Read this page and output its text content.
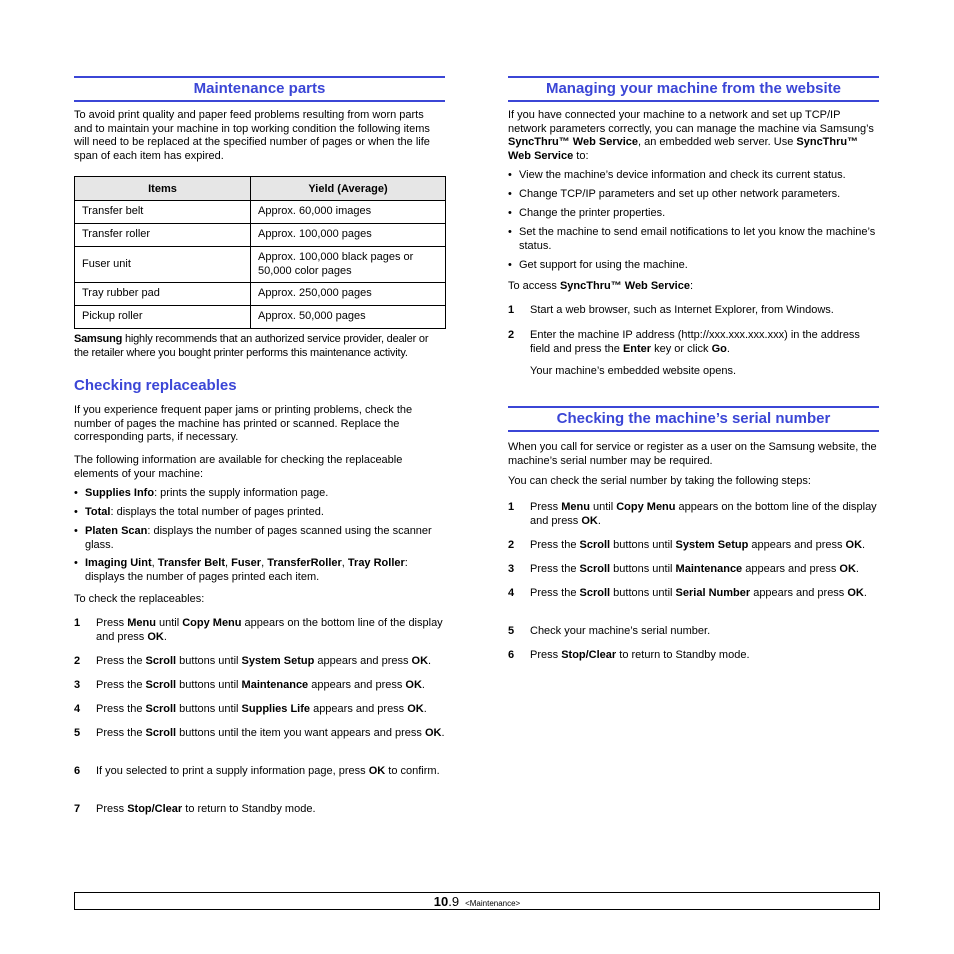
Maintenance parts
To avoid print quality and paper feed problems resulting from worn parts and to maintain your machine in top working condition the following items will need to be replaced at the specified number of pages or when the life span of each item has expired.
Items	Yield (Average)
Transfer belt	Approx. 60,000 images
Transfer roller	Approx. 100,000 pages
Fuser unit	Approx. 100,000 black pages or 50,000 color pages
Tray rubber pad	Approx. 250,000 pages
Pickup roller	Approx. 50,000 pages
Samsung highly recommends that an authorized service provider, dealer or the retailer where you bought printer performs this maintenance activity.
Checking replaceables
If you experience frequent paper jams or printing problems, check the number of pages the machine has printed or scanned. Replace the corresponding parts, if necessary.
The following information are available for checking the replaceable elements of your machine:
• Supplies Info: prints the supply information page.
• Total: displays the total number of pages printed.
• Platen Scan: displays the number of pages scanned using the scanner glass.
• Imaging Uint, Transfer Belt, Fuser, TransferRoller, Tray Roller: displays the number of pages printed each item.
To check the replaceables:
1 Press Menu until Copy Menu appears on the bottom line of the display and press OK.
2 Press the Scroll buttons until System Setup appears and press OK.
3 Press the Scroll buttons until Maintenance appears and press OK.
4 Press the Scroll buttons until Supplies Life appears and press OK.
5 Press the Scroll buttons until the item you want appears and press OK.
6 If you selected to print a supply information page, press OK to confirm.
7 Press Stop/Clear to return to Standby mode.
Managing your machine from the website
If you have connected your machine to a network and set up TCP/IP network parameters correctly, you can manage the machine via Samsung’s SyncThru™ Web Service, an embedded web server. Use SyncThru™ Web Service to:
• View the machine’s device information and check its current status.
• Change TCP/IP parameters and set up other network parameters.
• Change the printer properties.
• Set the machine to send email notifications to let you know the machine’s status.
• Get support for using the machine.
To access SyncThru™ Web Service:
1 Start a web browser, such as Internet Explorer, from Windows.
2 Enter the machine IP address (http://xxx.xxx.xxx.xxx) in the address field and press the Enter key or click Go.
Your machine’s embedded website opens.
Checking the machine’s serial number
When you call for service or register as a user on the Samsung website, the machine’s serial number may be required.
You can check the serial number by taking the following steps:
1 Press Menu until Copy Menu appears on the bottom line of the display and press OK.
2 Press the Scroll buttons until System Setup appears and press OK.
3 Press the Scroll buttons until Maintenance appears and press OK.
4 Press the Scroll buttons until Serial Number appears and press OK.
5 Check your machine’s serial number.
6 Press Stop/Clear to return to Standby mode.
10.9 <Maintenance>
